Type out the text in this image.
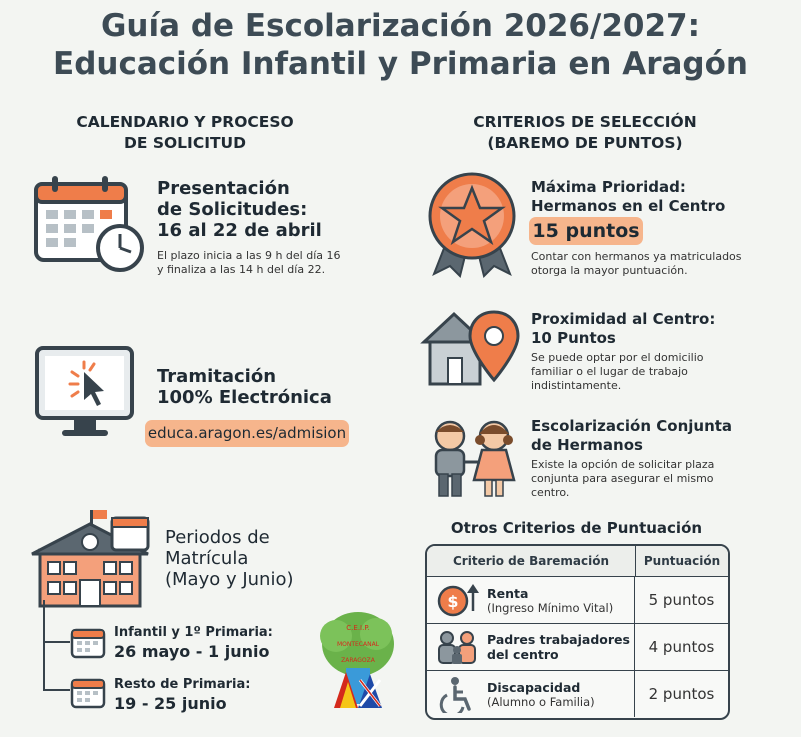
Guía de Escolarización 2026/2027:
Educación Infantil y Primaria en Aragón
CALENDARIO Y PROCESO
DE SOLICITUD
CRITERIOS DE SELECCIÓN
(BAREMO DE PUNTOS)
Presentación
de Solicitudes:
16 al 22 de abril
El plazo inicia a las 9 h del día 16
y finaliza a las 14 h del día 22.
Tramitación
100% Electrónica
educa.aragon.es/admision
Periodos de
Matrícula
(Mayo y Junio)
Infantil y 1º Primaria:
26 mayo - 1 junio
Resto de Primaria:
19 - 25 junio
C.E.I.P.
MONTECANAL
ZARAGOZA
Máxima Prioridad:
Hermanos en el Centro
15 puntos
Contar con hermanos ya matriculados
otorga la mayor puntuación.
Proximidad al Centro:
10 Puntos
Se puede optar por el domicilio
familiar o el lugar de trabajo
indistintamente.
Escolarización Conjunta
de Hermanos
Existe la opción de solicitar plaza
conjunta para asegurar el mismo
centro.
Otros Criterios de Puntuación
Criterio de Baremación	Puntuación
$ Renta
(Ingreso Mínimo Vital)	5 puntos
Padres trabajadores
del centro	4 puntos
Discapacidad
(Alumno o Familia)	2 puntos
